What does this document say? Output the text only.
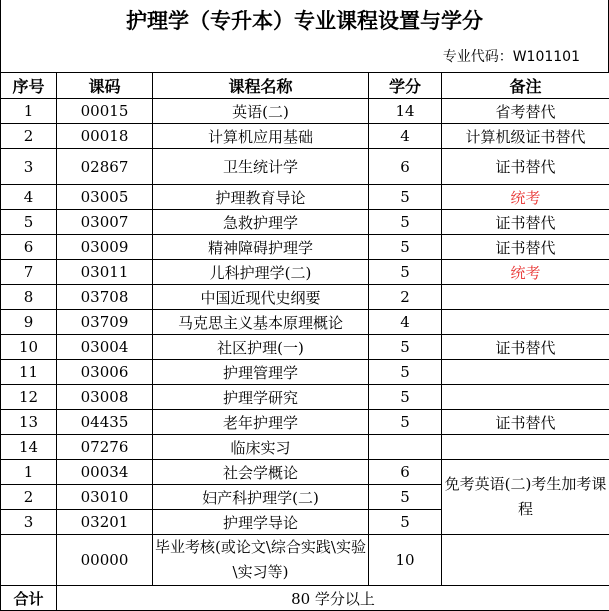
护理学（专升本）专业课程设置与学分
专业代码：W101101
序号	课码	课程名称	学分	备注
1	00015	英语(二)	14	省考替代
2	00018	计算机应用基础	4	计算机级证书替代
3	02867	卫生统计学	6	证书替代
4	03005	护理教育导论	5	统考
5	03007	急救护理学	5	证书替代
6	03009	精神障碍护理学	5	证书替代
7	03011	儿科护理学(二)	5	统考
8	03708	中国近现代史纲要	2	
9	03709	马克思主义基本原理概论	4	
10	03004	社区护理(一)	5	证书替代
11	03006	护理管理学	5	
12	03008	护理学研究	5	
13	04435	老年护理学	5	证书替代
14	07276	临床实习		
1	00034	社会学概论	6	免考英语(二)考生加考课程
2	03010	妇产科护理学(二)	5	
3	03201	护理学导论	5	
	00000	毕业考核(或论文\综合实践\实验\实习等)	10	
合计	80 学分以上			
